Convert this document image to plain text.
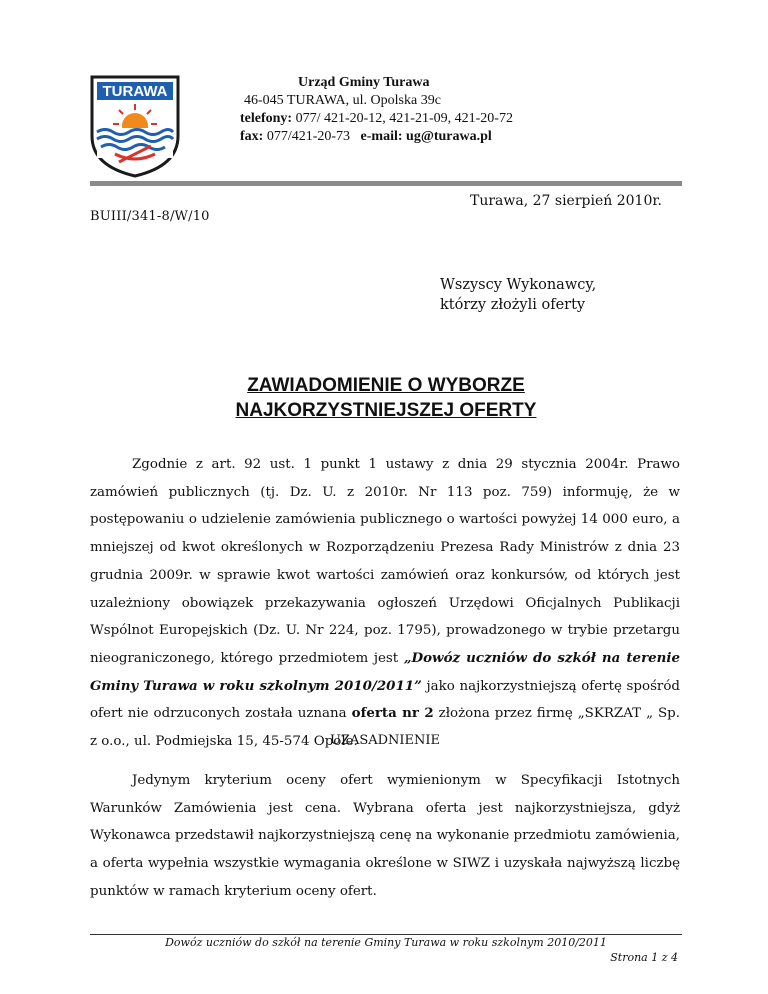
TURAWA
Urząd Gminy Turawa
46-045 TURAWA, ul. Opolska 39c
telefony: 077/ 421-20-12, 421-21-09, 421-20-72
fax: 077/421-20-73 e-mail: ug@turawa.pl
Turawa, 27 sierpień 2010r.
BUIII/341-8/W/10
Wszyscy Wykonawcy,
którzy złożyli oferty
ZAWIADOMIENIE O WYBORZE
NAJKORZYSTNIEJSZEJ OFERTY

Zgodnie z art. 92 ust. 1 punkt 1 ustawy z dnia 29 stycznia 2004r. Prawo zamówień publicznych (tj. Dz. U. z 2010r. Nr 113 poz. 759) informuję, że w postępowaniu o udzielenie zamówienia publicznego o wartości powyżej 14 000 euro, a mniejszej od kwot określonych w Rozporządzeniu Prezesa Rady Ministrów z dnia 23 grudnia 2009r. w sprawie kwot wartości zamówień oraz konkursów, od których jest uzależniony obowiązek przekazywania ogłoszeń Urzędowi Oficjalnych Publikacji Wspólnot Europejskich (Dz. U. Nr 224, poz. 1795), prowadzonego w trybie przetargu nieograniczonego, którego przedmiotem jest „Dowóz uczniów do szkół na terenie Gminy Turawa w roku szkolnym 2010/2011” jako najkorzystniejszą ofertę spośród ofert nie odrzuconych została uznana oferta nr 2 złożona przez firmę „SKRZAT „ Sp. z o.o., ul. Podmiejska 15, 45-574 Opole.

UZASADNIENIE

Jedynym kryterium oceny ofert wymienionym w Specyfikacji Istotnych Warunków Zamówienia jest cena. Wybrana oferta jest najkorzystniejsza, gdyż Wykonawca przedstawił najkorzystniejszą cenę na wykonanie przedmiotu zamówienia, a oferta wypełnia wszystkie wymagania określone w SIWZ i uzyskała najwyższą liczbę punktów w ramach kryterium oceny ofert.

Dowóz uczniów do szkół na terenie Gminy Turawa w roku szkolnym 2010/2011
Strona 1 z 4
